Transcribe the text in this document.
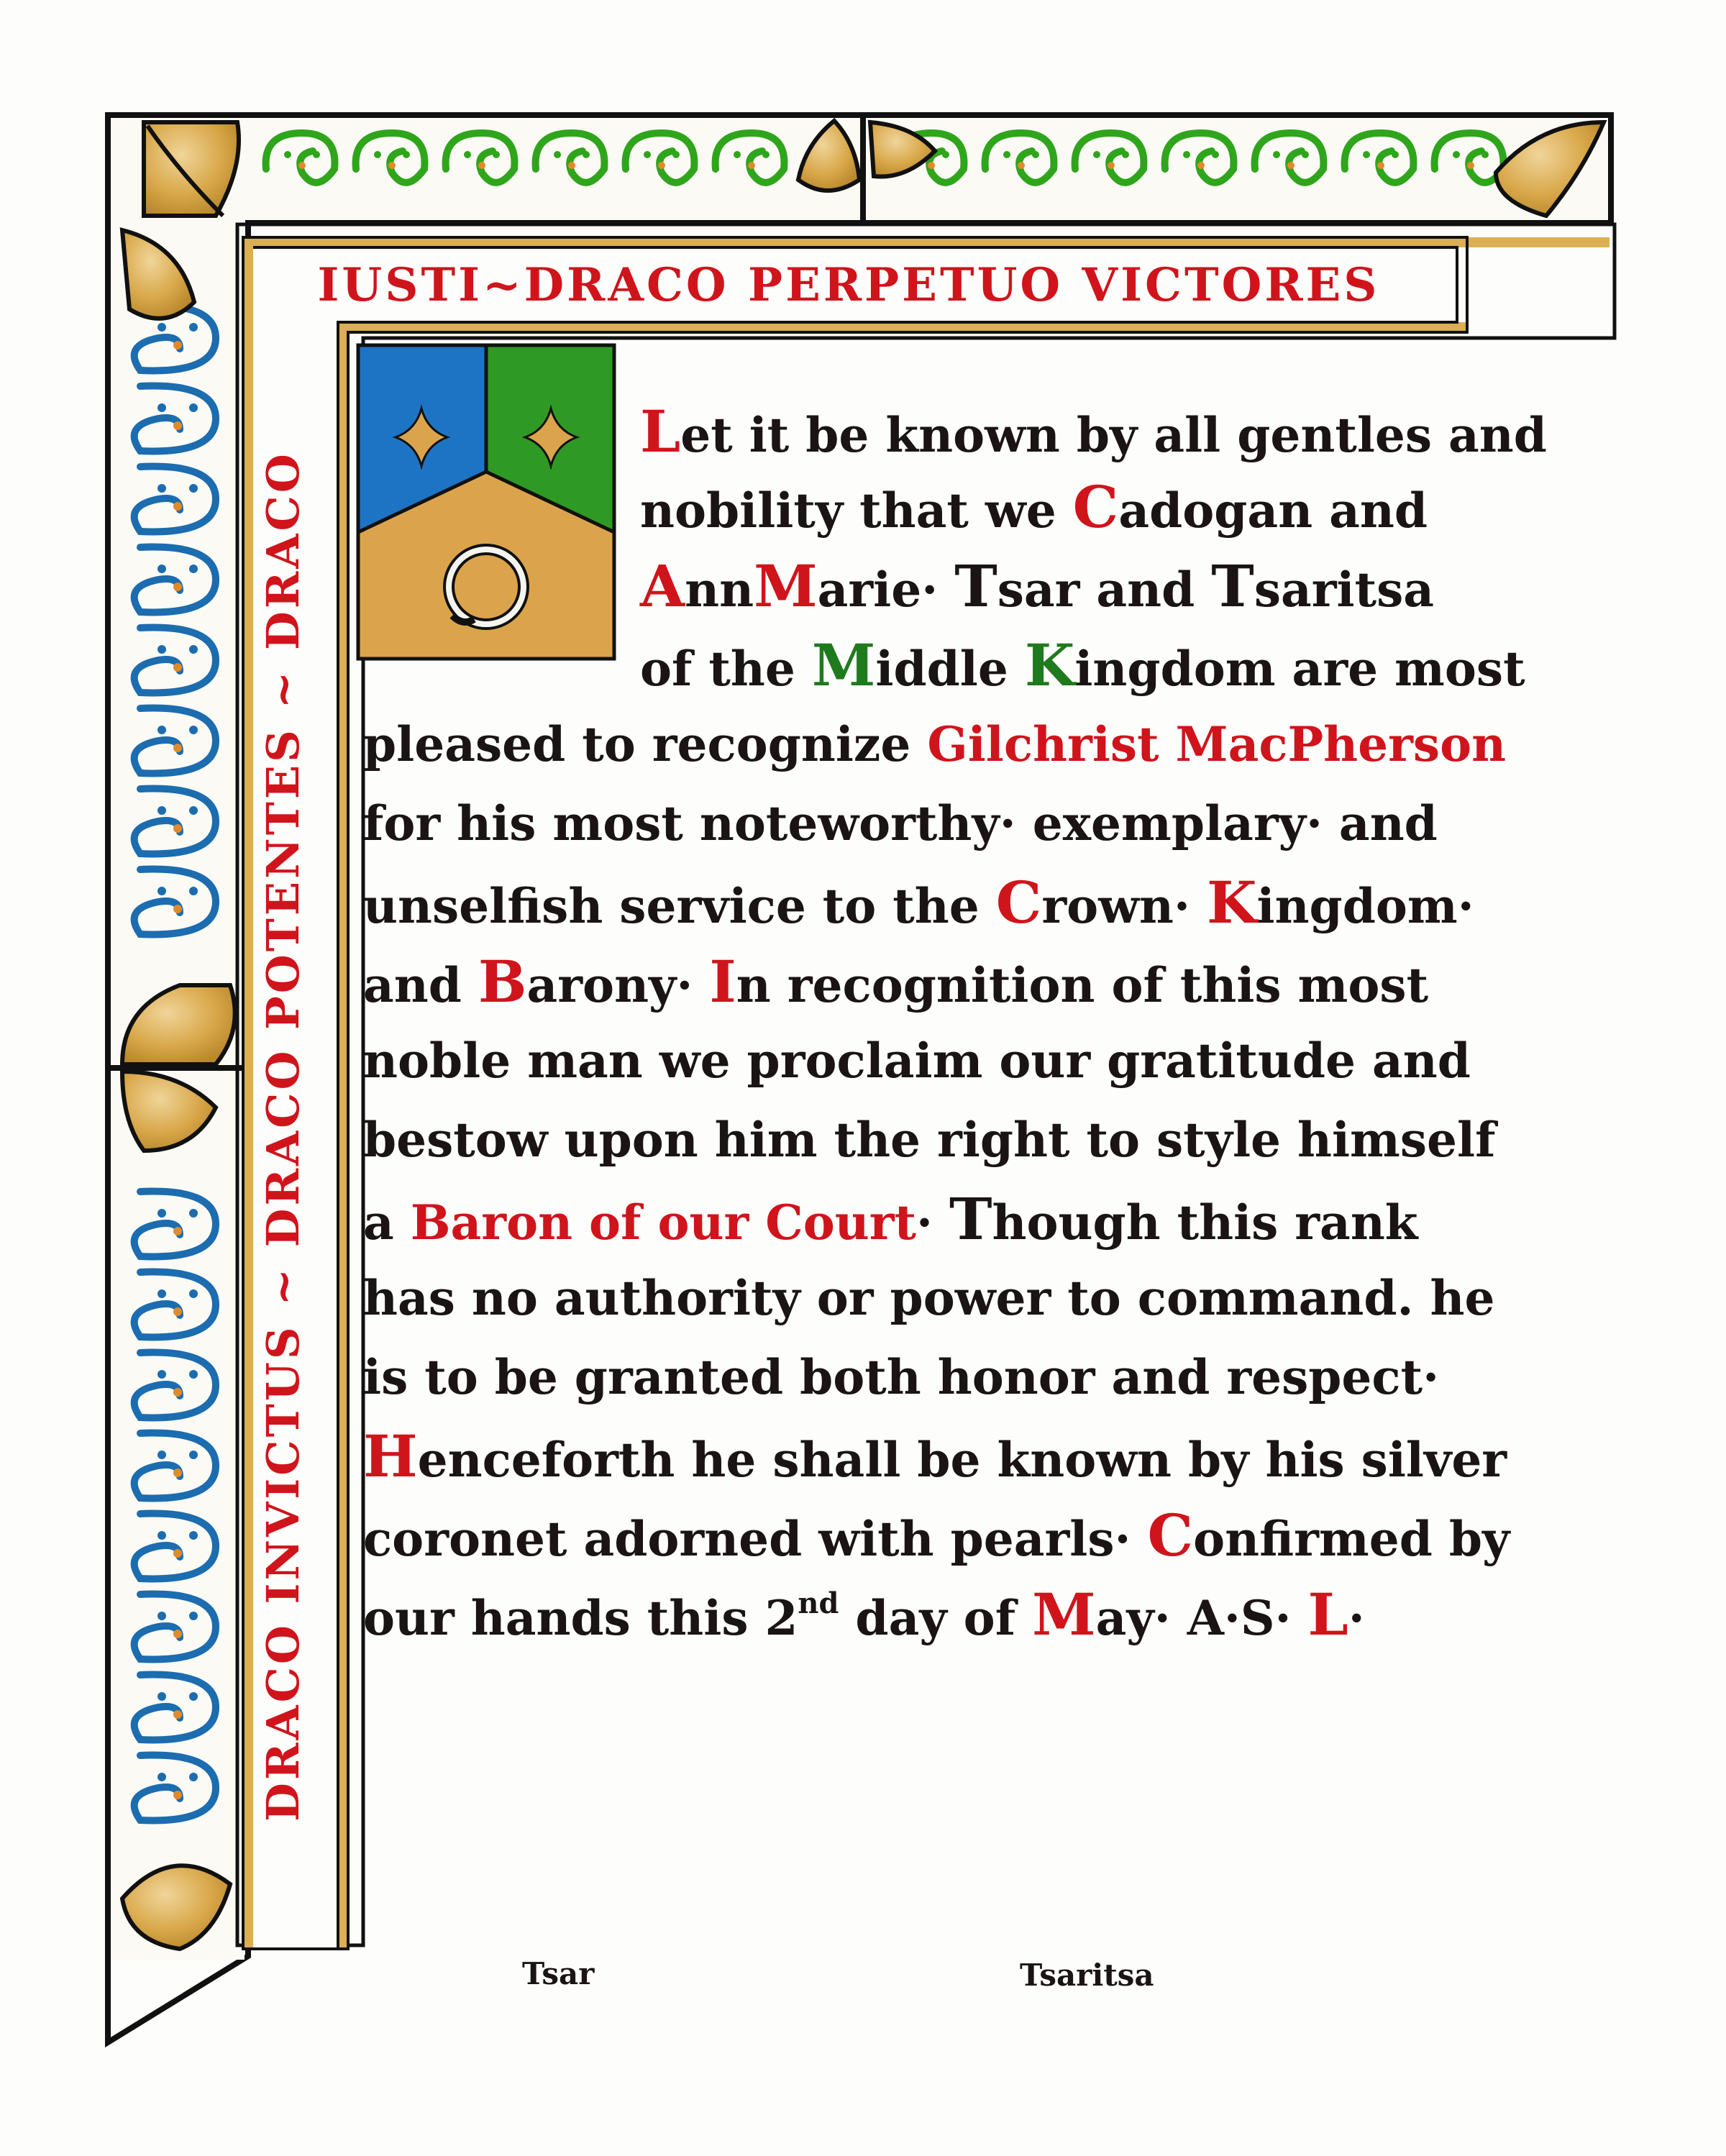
IUSTI~DRACO PERPETUO VICTORES
DRACO INVICTUS ~ DRACO POTENTES ~ DRACO
Let it be known by all gentles and
nobility that we Cadogan and
AnnMarie· Tsar and Tsaritsa
of the Middle Kingdom are most
pleased to recognize Gilchrist MacPherson
for his most noteworthy· exemplary· and
unselfish service to the Crown· Kingdom·
and Barony· In recognition of this most
noble man we proclaim our gratitude and
bestow upon him the right to style himself
a Baron of our Court· Though this rank
has no authority or power to command. he
is to be granted both honor and respect·
Henceforth he shall be known by his silver
coronet adorned with pearls· Confirmed by
our hands this 2nd day of May· A·S· L·
Tsar	Tsaritsa
